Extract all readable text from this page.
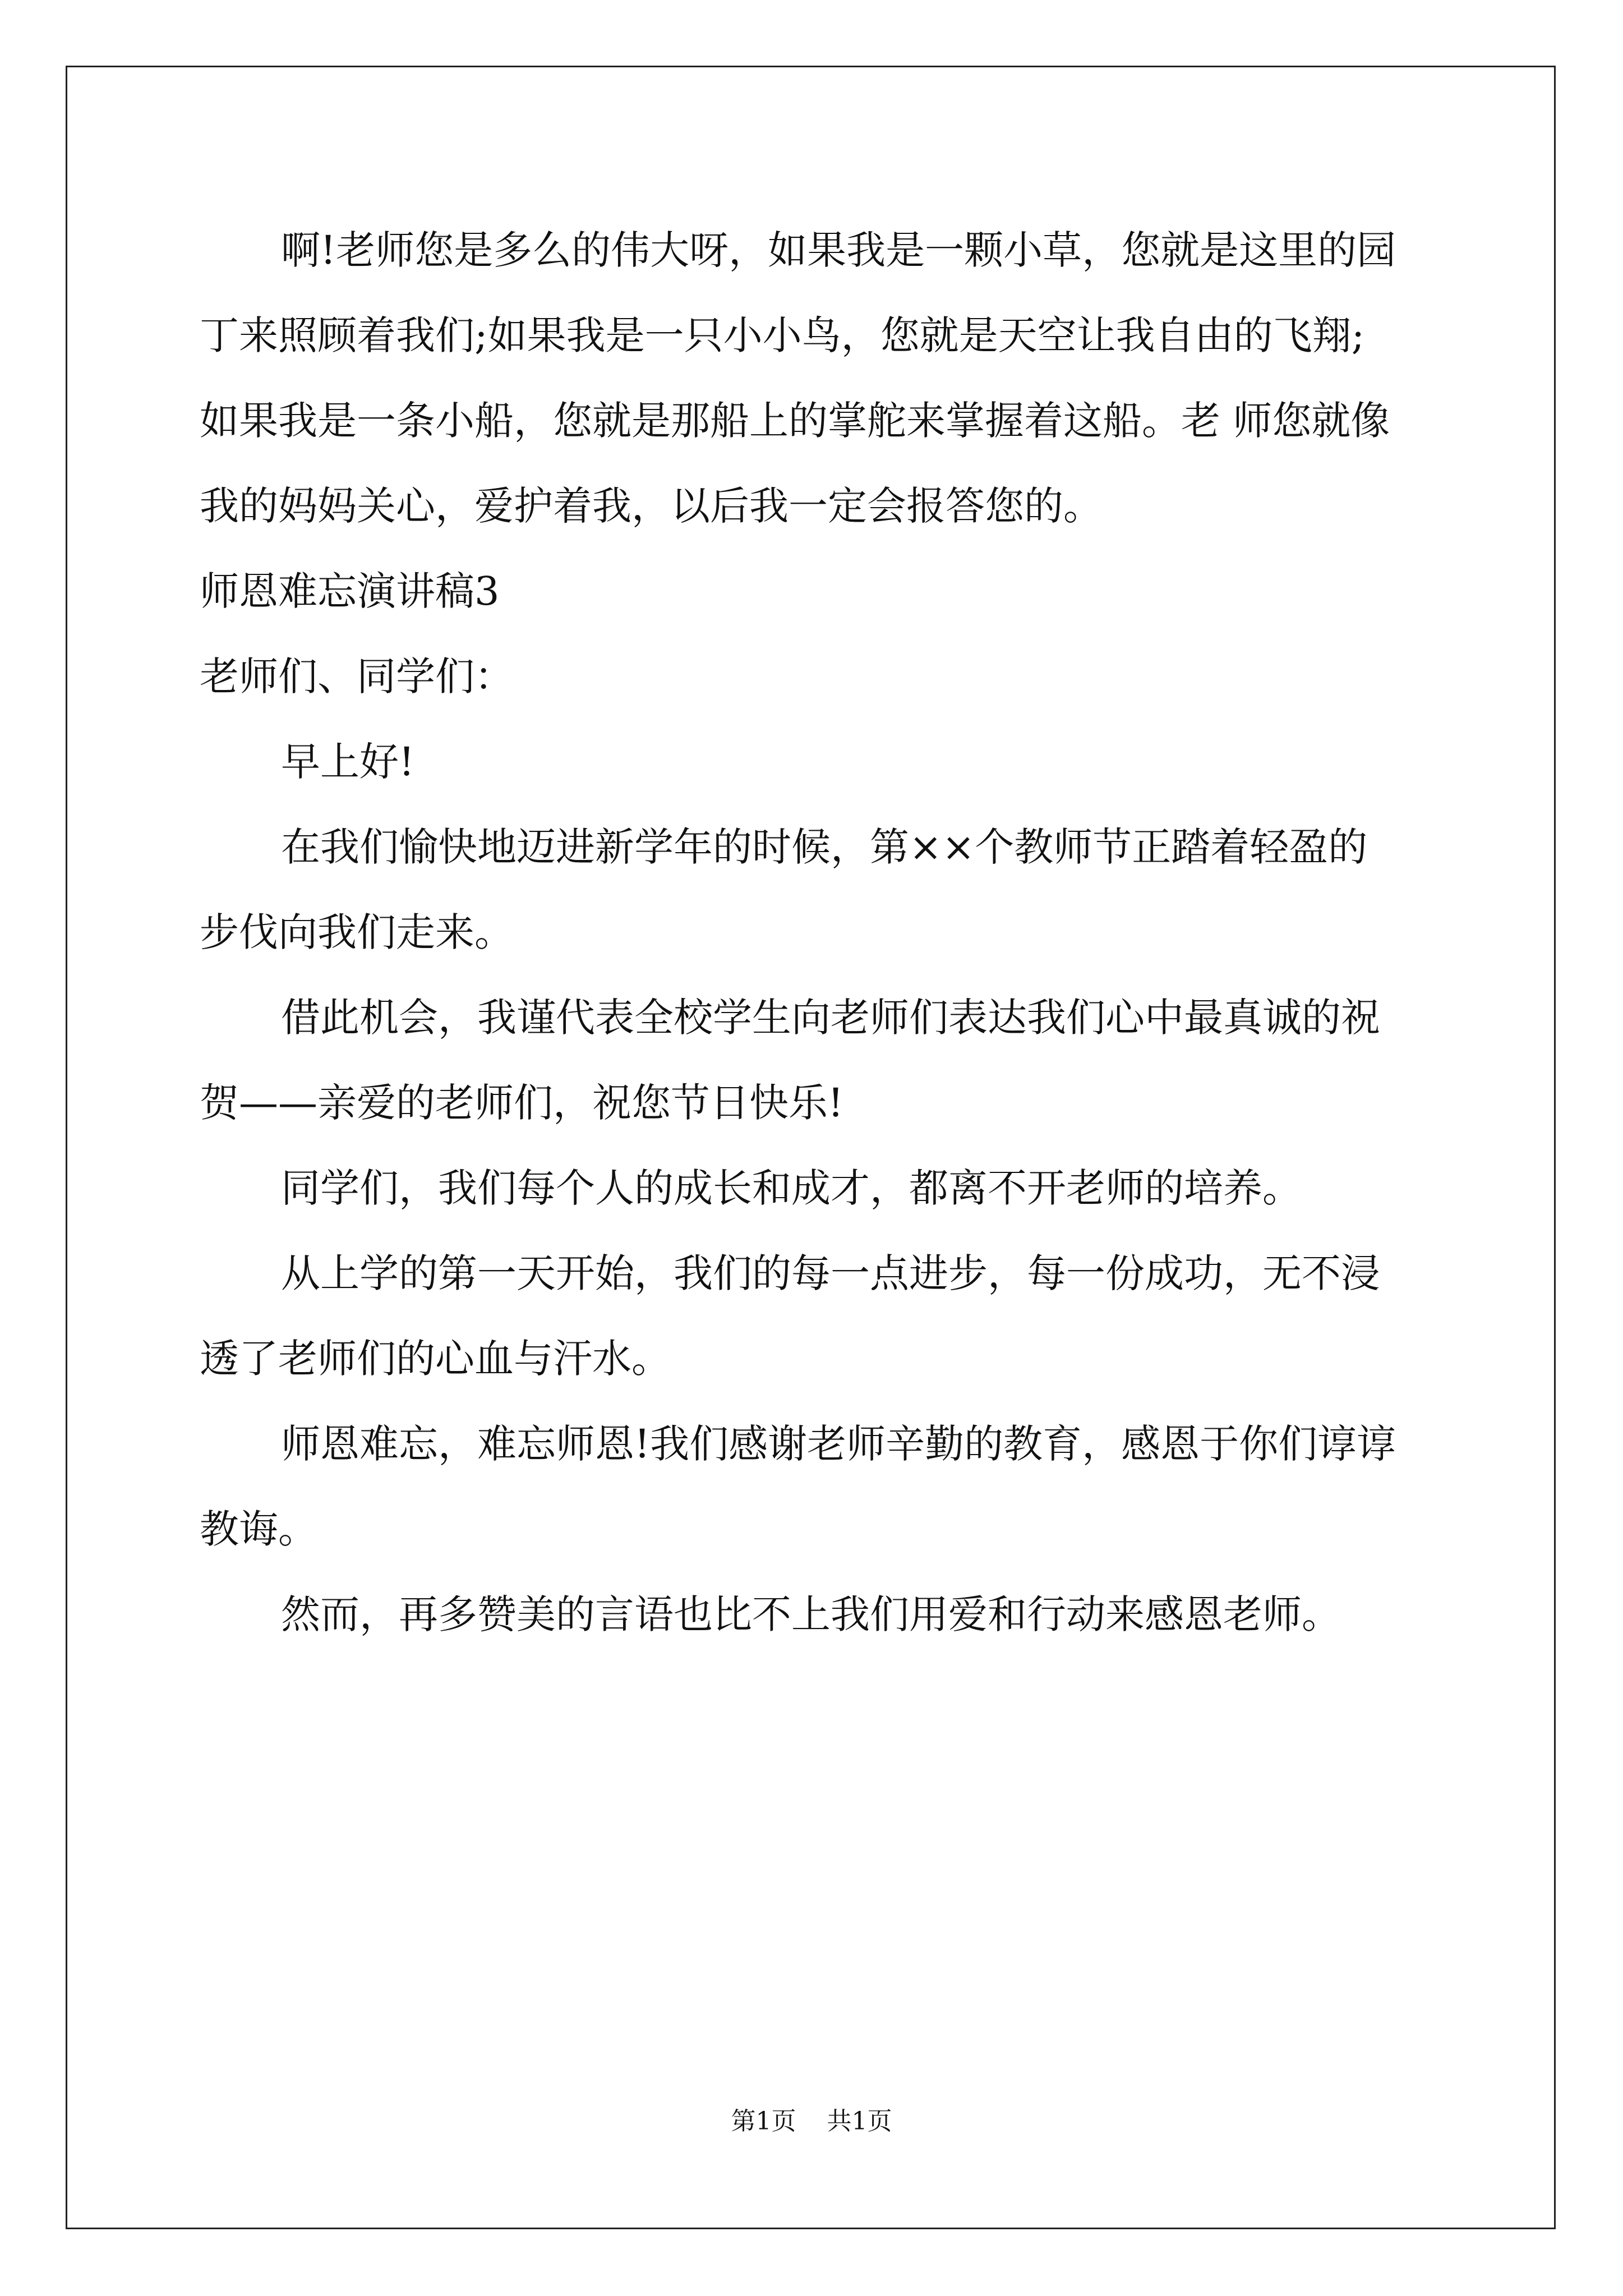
啊!老师您是多么的伟大呀，如果我是一颗小草，您就是这里的园
丁来照顾着我们;如果我是一只小小鸟，您就是天空让我自由的飞翔;
如果我是一条小船，您就是那船上的掌舵来掌握着这船。老 师您就像
我的妈妈关心，爱护着我，以后我一定会报答您的。
师恩难忘演讲稿3
老师们、同学们：
早上好!
在我们愉快地迈进新学年的时候，第××个教师节正踏着轻盈的
步伐向我们走来。
借此机会，我谨代表全校学生向老师们表达我们心中最真诚的祝
贺——亲爱的老师们，祝您节日快乐!
同学们，我们每个人的成长和成才，都离不开老师的培养。
从上学的第一天开始，我们的每一点进步，每一份成功，无不浸
透了老师们的心血与汗水。
师恩难忘，难忘师恩!我们感谢老师辛勤的教育，感恩于你们谆谆
教诲。
然而，再多赞美的言语也比不上我们用爱和行动来感恩老师。
第1页 共1页
